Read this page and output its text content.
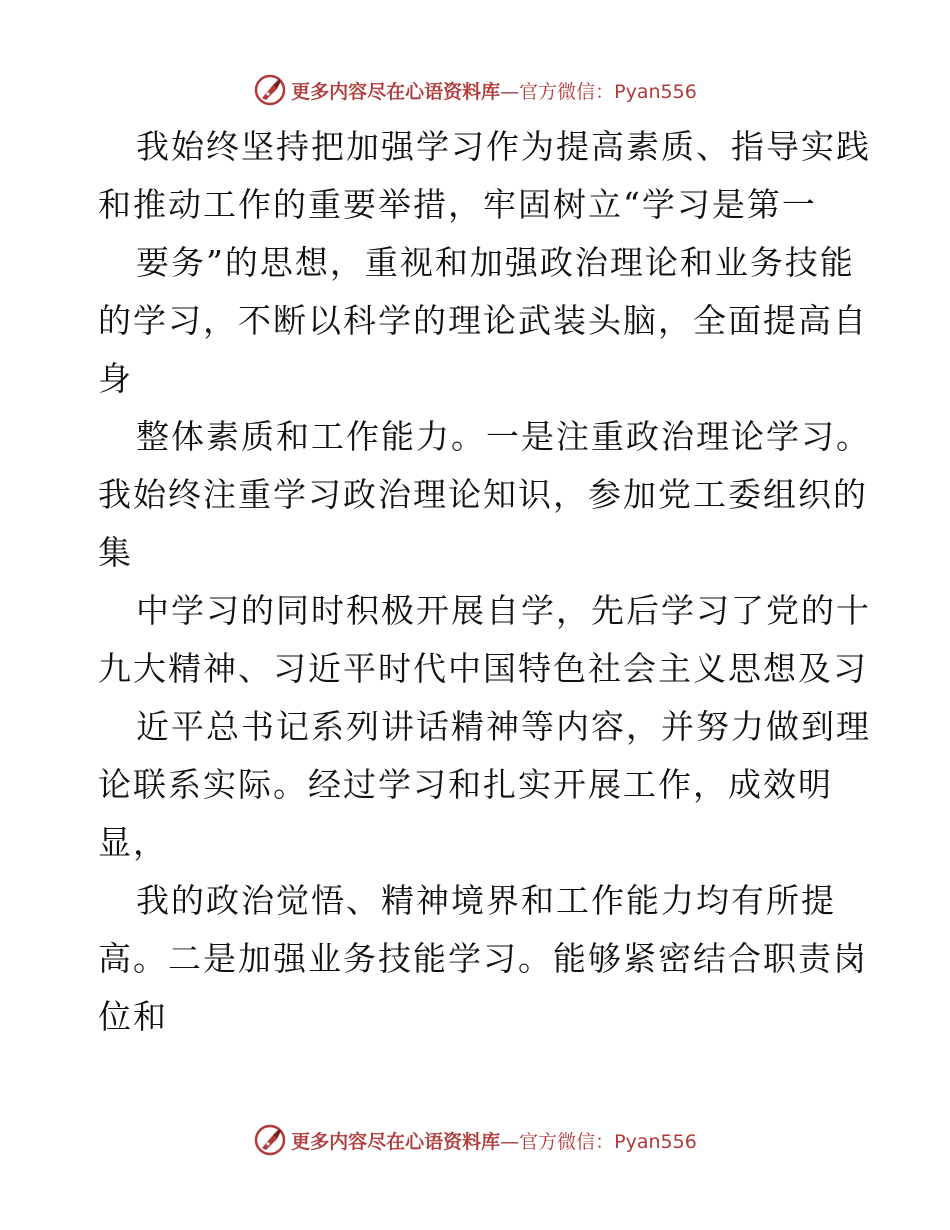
更多内容尽在心语资料库—官方微信：Pyan556
我始终坚持把加强学习作为提高素质、指导实践
和推动工作的重要举措，牢固树立“学习是第一
要务”的思想，重视和加强政治理论和业务技能
的学习，不断以科学的理论武装头脑，全面提高自
身
整体素质和工作能力。一是注重政治理论学习。
我始终注重学习政治理论知识，参加党工委组织的
集
中学习的同时积极开展自学，先后学习了党的十
九大精神、习近平时代中国特色社会主义思想及习
近平总书记系列讲话精神等内容，并努力做到理
论联系实际。经过学习和扎实开展工作，成效明
显，
我的政治觉悟、精神境界和工作能力均有所提
高。二是加强业务技能学习。能够紧密结合职责岗
位和
更多内容尽在心语资料库—官方微信：Pyan556
